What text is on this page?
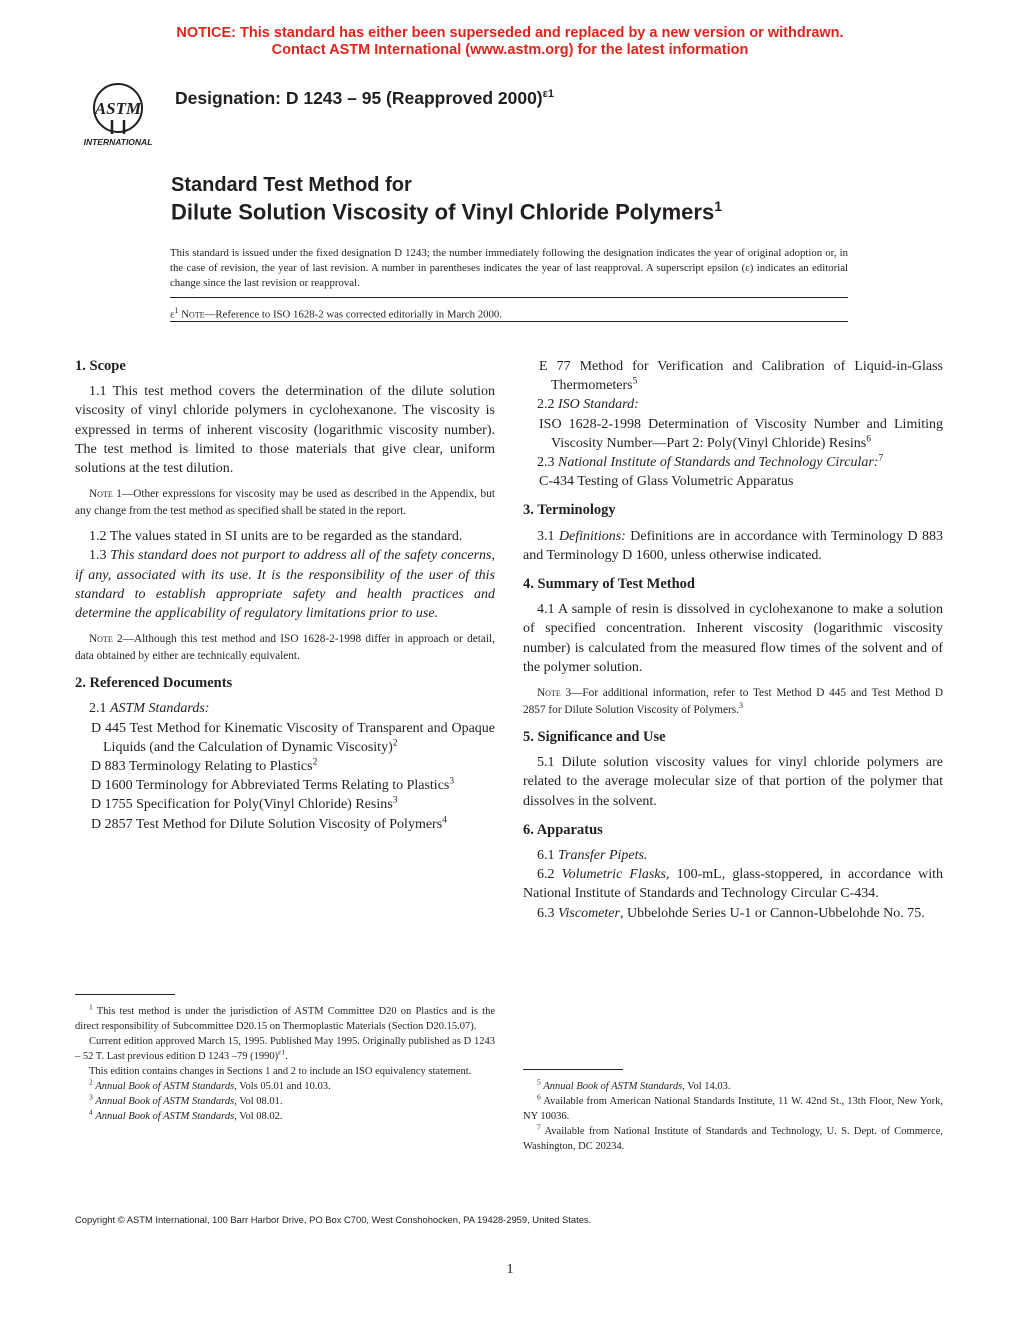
NOTICE: This standard has either been superseded and replaced by a new version or withdrawn.
Contact ASTM International (www.astm.org) for the latest information
ASTM
INTERNATIONAL
Designation: D 1243 – 95 (Reapproved 2000)$^{\varepsilon 1}$
Standard Test Method for
Dilute Solution Viscosity of Vinyl Chloride Polymers$^1$
This standard is issued under the fixed designation D 1243; the number immediately following the designation indicates the year of original adoption or, in the case of revision, the year of last revision. A number in parentheses indicates the year of last reapproval. A superscript epsilon (ε) indicates an editorial change since the last revision or reapproval.
$\varepsilon^1$ Note—Reference to ISO 1628-2 was corrected editorially in March 2000.
1. Scope

1.1 This test method covers the determination of the dilute solution viscosity of vinyl chloride polymers in cyclohexanone. The viscosity is expressed in terms of inherent viscosity (logarithmic viscosity number). The test method is limited to those materials that give clear, uniform solutions at the test dilution.

Note 1—Other expressions for viscosity may be used as described in the Appendix, but any change from the test method as specified shall be stated in the report.

1.2 The values stated in SI units are to be regarded as the standard.

1.3 This standard does not purport to address all of the safety concerns, if any, associated with its use. It is the responsibility of the user of this standard to establish appropriate safety and health practices and determine the applicability of regulatory limitations prior to use.

Note 2—Although this test method and ISO 1628-2-1998 differ in approach or detail, data obtained by either are technically equivalent.

2. Referenced Documents

2.1 ASTM Standards:

D 445 Test Method for Kinematic Viscosity of Transparent and Opaque Liquids (and the Calculation of Dynamic Viscosity)$^2$

D 883 Terminology Relating to Plastics$^2$

D 1600 Terminology for Abbreviated Terms Relating to Plastics$^3$

D 1755 Specification for Poly(Vinyl Chloride) Resins$^3$

D 2857 Test Method for Dilute Solution Viscosity of Polymers$^4$

$^1$ This test method is under the jurisdiction of ASTM Committee D20 on Plastics and is the direct responsibility of Subcommittee D20.15 on Thermoplastic Materials (Section D20.15.07).

Current edition approved March 15, 1995. Published May 1995. Originally published as D 1243 – 52 T. Last previous edition D 1243 –79 $(1990)^{\varepsilon 1}$.

This edition contains changes in Sections 1 and 2 to include an ISO equivalency statement.

$^2$ Annual Book of ASTM Standards, Vols 05.01 and 10.03.

$^3$ Annual Book of ASTM Standards, Vol 08.01.

$^4$ Annual Book of ASTM Standards, Vol 08.02.

E 77 Method for Verification and Calibration of Liquid-in-Glass Thermometers$^5$

2.2 ISO Standard:

ISO 1628-2-1998 Determination of Viscosity Number and Limiting Viscosity Number—Part 2: Poly(Vinyl Chloride) Resins$^6$

2.3 National Institute of Standards and Technology Circular:$^7$

C-434 Testing of Glass Volumetric Apparatus

3. Terminology

3.1 Definitions: Definitions are in accordance with Terminology D 883 and Terminology D 1600, unless otherwise indicated.

4. Summary of Test Method

4.1 A sample of resin is dissolved in cyclohexanone to make a solution of specified concentration. Inherent viscosity (logarithmic viscosity number) is calculated from the measured flow times of the solvent and of the polymer solution.

Note 3—For additional information, refer to Test Method D 445 and Test Method D 2857 for Dilute Solution Viscosity of Polymers.$^3$

5. Significance and Use

5.1 Dilute solution viscosity values for vinyl chloride polymers are related to the average molecular size of that portion of the polymer that dissolves in the solvent.

6. Apparatus

6.1 Transfer Pipets.

6.2 Volumetric Flasks, 100-mL, glass-stoppered, in accordance with National Institute of Standards and Technology Circular C-434.

6.3 Viscometer, Ubbelohde Series U-1 or Cannon-Ubbelohde No. 75.

$^5$ Annual Book of ASTM Standards, Vol 14.03.

$^6$ Available from American National Standards Institute, 11 W. 42nd St., 13th Floor, New York, NY 10036.

$^7$ Available from National Institute of Standards and Technology, U. S. Dept. of Commerce, Washington, DC 20234.

Copyright © ASTM International, 100 Barr Harbor Drive, PO Box C700, West Conshohocken, PA 19428-2959, United States.
1
